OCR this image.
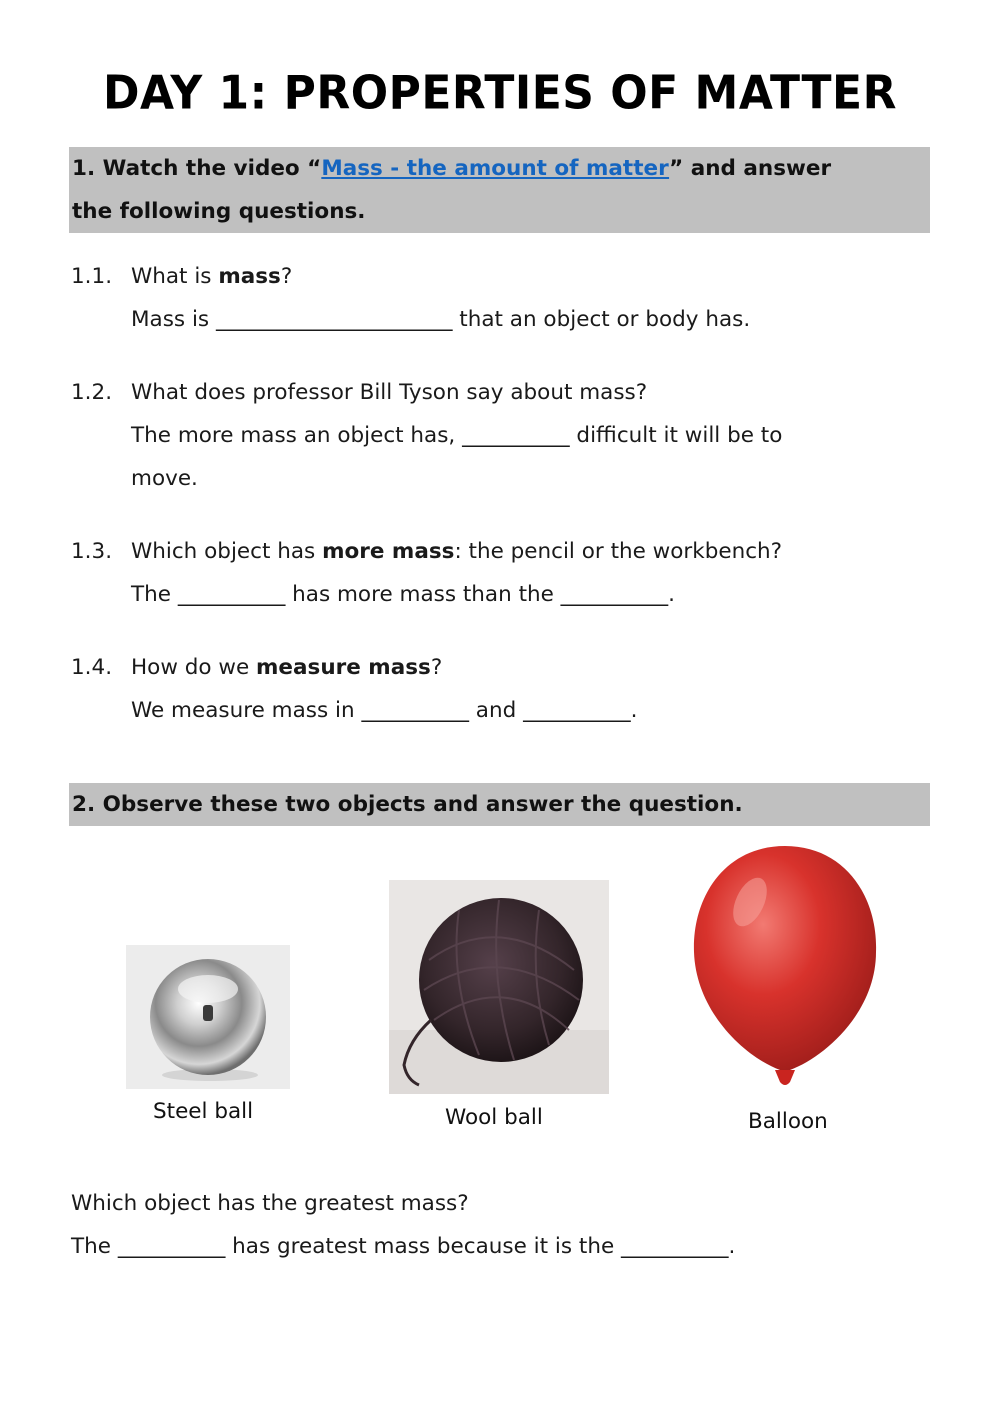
DAY 1: PROPERTIES OF MATTER
1. Watch the video “Mass - the amount of matter” and answer
the following questions.
1.1. What is mass?
Mass is ______________________ that an object or body has.
1.2. What does professor Bill Tyson say about mass?
The more mass an object has, __________ difficult it will be to
move.
1.3. Which object has more mass: the pencil or the workbench?
The __________ has more mass than the __________.
1.4. How do we measure mass?
We measure mass in __________ and __________.
2. Observe these two objects and answer the question.
Steel ball	Wool ball	Balloon
Which object has the greatest mass?
The __________ has greatest mass because it is the __________.
